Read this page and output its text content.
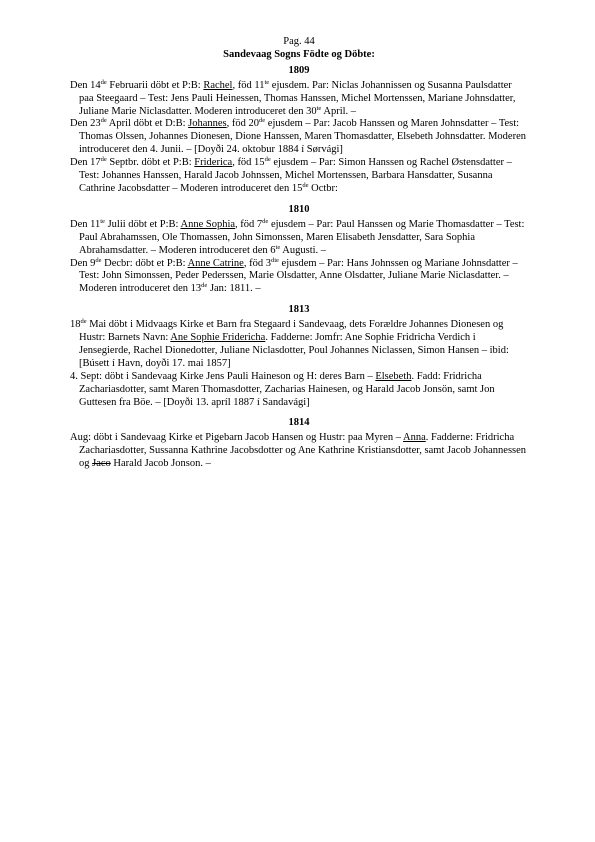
Pag. 44
Sandevaag Sogns Födte og Döbte:
1809
Den 14de Februarii döbt et P:B: Rachel, föd $11^{te}$ ejusdem. Par: Niclas Johannissen og Susanna Paulsdatter paa Steegaard – Test: Jens Pauli Heinessen, Thomas Hanssen, Michel Mortenssen, Mariane Johnsdatter, Juliane Marie Niclasdatter. Moderen introduceret den $30^{te}$ April. –
Den 23de April döbt et D:B: Johannes, föd 20de ejusdem – Par: Jacob Hanssen og Maren Johnsdatter – Test: Thomas Olssen, Johannes Dionesen, Dione Hanssen, Maren Thomasdatter, Elsebeth Johnsdatter. Moderen introduceret den 4. Junii. – [Doyði 24. oktobur 1884 í Sørvági]
Den 17de Septbr. döbt et P:B: Friderica, föd 15de ejusdem – Par: Simon Hanssen og Rachel Østensdatter – Test: Johannes Hanssen, Harald Jacob Johnssen, Michel Mortenssen, Barbara Hansdatter, Susanna Cathrine Jacobsdatter – Moderen introduceret den 15de Octbr:
1810
Den $11^{te}$ Julii döbt et P:B: Anne Sophia, föd 7de ejusdem – Par: Paul Hanssen og Marie Thomasdatter – Test: Paul Abrahamssen, Ole Thomassen, John Simonssen, Maren Elisabeth Jensdatter, Sara Sophia Abrahamsdatter. – Moderen introduceret den $6^{te}$ Augusti. –
Den 9de Decbr: döbt et P:B: Anne Catrine, föd $3^{die}$ ejusdem – Par: Hans Johnssen og Mariane Johnsdatter – Test: John Simonssen, Peder Pederssen, Marie Olsdatter, Anne Olsdatter, Juliane Marie Niclasdatter. – Moderen introduceret den 13de Jan: 1811. –
1813
18de Mai döbt i Midvaags Kirke et Barn fra Stegaard i Sandevaag, dets Forældre Johannes Dionesen og Hustr: Barnets Navn: Ane Sophie Fridericha. Fadderne: Jomfr: Ane Sophie Fridricha Verdich i Jensegierde, Rachel Dionedotter, Juliane Niclasdotter, Poul Johannes Niclassen, Simon Hansen – ibid: [Búsett í Havn, doyði 17. mai 1857]
4. Sept: döbt i Sandevaag Kirke Jens Pauli Haineson og H: deres Barn – Elsebeth. Fadd: Fridricha Zachariasdotter, samt Maren Thomasdotter, Zacharias Hainesen, og Harald Jacob Jonsön, samt Jon Guttesen fra Böe. – [Doyði 13. apríl 1887 í Sandavági]
1814
Aug: döbt i Sandevaag Kirke et Pigebarn Jacob Hansen og Hustr: paa Myren – Anna. Fadderne: Fridricha Zachariasdotter, Sussanna Kathrine Jacobsdotter og Ane Kathrine Kristiansdotter, samt Jacob Johannessen og Jaco Harald Jacob Jonson. –
